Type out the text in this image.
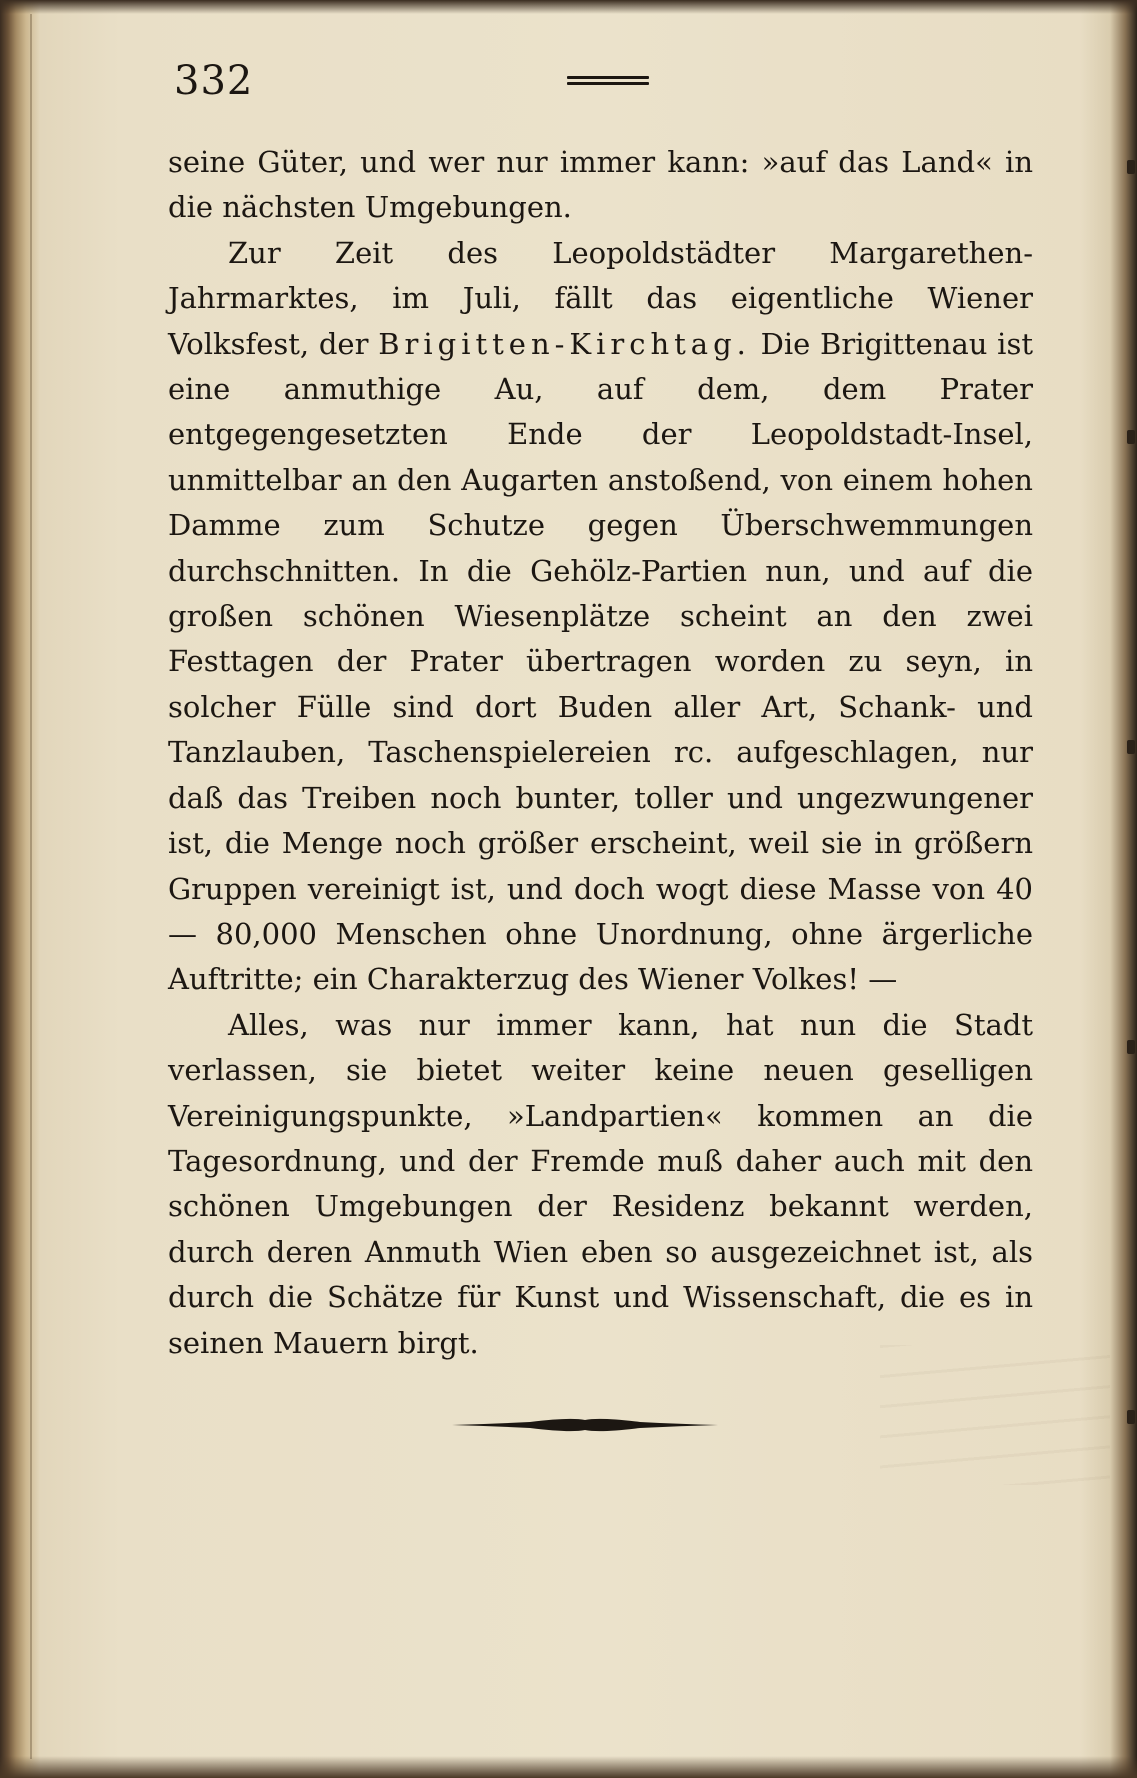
332

seine Güter, und wer nur immer kann: »auf das Land« in die nächsten Umgebungen.

Zur Zeit des Leopoldstädter Margarethen-Jahrmarktes, im Juli, fällt das eigentliche Wiener Volksfest, der Brigitten-Kirchtag. Die Brigittenau ist eine anmuthige Au, auf dem, dem Prater entgegengesetzten Ende der Leopoldstadt-Insel, unmittelbar an den Augarten anstoßend, von einem hohen Damme zum Schutze gegen Überschwemmungen durchschnitten. In die Gehölz-Partien nun, und auf die großen schönen Wiesenplätze scheint an den zwei Festtagen der Prater übertragen worden zu seyn, in solcher Fülle sind dort Buden aller Art, Schank- und Tanzlauben, Taschenspielereien rc. aufgeschlagen, nur daß das Treiben noch bunter, toller und ungezwungener ist, die Menge noch größer erscheint, weil sie in größern Gruppen vereinigt ist, und doch wogt diese Masse von 40 — 80,000 Menschen ohne Unordnung, ohne ärgerliche Auftritte; ein Charakterzug des Wiener Volkes! —

Alles, was nur immer kann, hat nun die Stadt verlassen, sie bietet weiter keine neuen geselligen Vereinigungspunkte, »Landpartien« kommen an die Tagesordnung, und der Fremde muß daher auch mit den schönen Umgebungen der Residenz bekannt werden, durch deren Anmuth Wien eben so ausgezeichnet ist, als durch die Schätze für Kunst und Wissenschaft, die es in seinen Mauern birgt.
